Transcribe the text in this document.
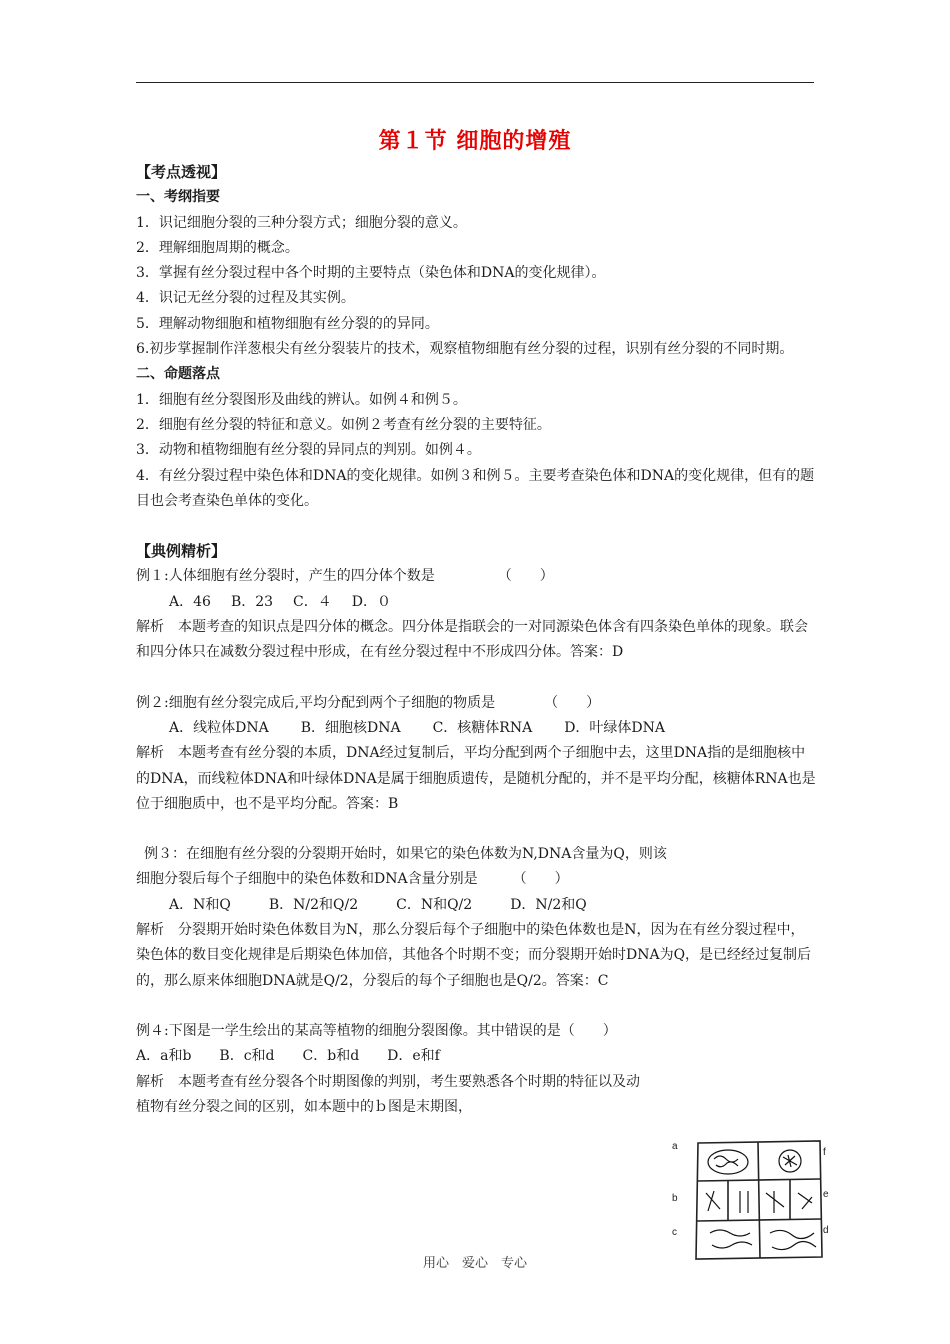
第１节 细胞的增殖

【考点透视】

一、考纲指要

1．识记细胞分裂的三种分裂方式；细胞分裂的意义。

2．理解细胞周期的概念。

3．掌握有丝分裂过程中各个时期的主要特点（染色体和DNA的变化规律）。

4．识记无丝分裂的过程及其实例。

5．理解动物细胞和植物细胞有丝分裂的的异同。

6.初步掌握制作洋葱根尖有丝分裂装片的技术，观察植物细胞有丝分裂的过程，识别有丝分裂的不同时期。

二、命题落点

1．细胞有丝分裂图形及曲线的辨认。如例４和例５。

2．细胞有丝分裂的特征和意义。如例２考查有丝分裂的主要特征。

3．动物和植物细胞有丝分裂的异同点的判别。如例４。

4．有丝分裂过程中染色体和DNA的变化规律。如例３和例５。主要考查染色体和DNA的变化规律，但有的题目也会考查染色单体的变化。

【典例精析】

例１:人体细胞有丝分裂时，产生的四分体个数是　　　　　（　　）

A．46 B．23 C．４ D．０

解析　本题考查的知识点是四分体的概念。四分体是指联会的一对同源染色体含有四条染色单体的现象。联会和四分体只在减数分裂过程中形成，在有丝分裂过程中不形成四分体。答案：D

例２:细胞有丝分裂完成后,平均分配到两个子细胞的物质是　　　　（　　）

A．线粒体DNA B．细胞核DNA C．核糖体RNA D．叶绿体DNA

解析　本题考查有丝分裂的本质，DNA经过复制后，平均分配到两个子细胞中去，这里DNA指的是细胞核中的DNA，而线粒体DNA和叶绿体DNA是属于细胞质遗传，是随机分配的，并不是平均分配，核糖体RNA也是位于细胞质中，也不是平均分配。答案：B

例３：在细胞有丝分裂的分裂期开始时，如果它的染色体数为N,DNA含量为Q，则该

细胞分裂后每个子细胞中的染色体数和DNA含量分别是　　　（　　）

A．N和Q	B．N/2和Q/2	C．N和Q/2	D．N/2和Q

解析　分裂期开始时染色体数目为N，那么分裂后每个子细胞中的染色体数也是N，因为在有丝分裂过程中，染色体的数目变化规律是后期染色体加倍，其他各个时期不变；而分裂期开始时DNA为Q，是已经经过复制后的，那么原来体细胞DNA就是Q/2，分裂后的每个子细胞也是Q/2。答案：C

例４:下图是一学生绘出的某高等植物的细胞分裂图像。其中错误的是（　　）

A．a和b B．c和d C．b和d D．e和f

解析　本题考查有丝分裂各个时期图像的判别，考生要熟悉各个时期的特征以及动植物有丝分裂之间的区别，如本题中的ｂ图是末期图，

a
b
c	d
e
f
用心　爱心　专心
